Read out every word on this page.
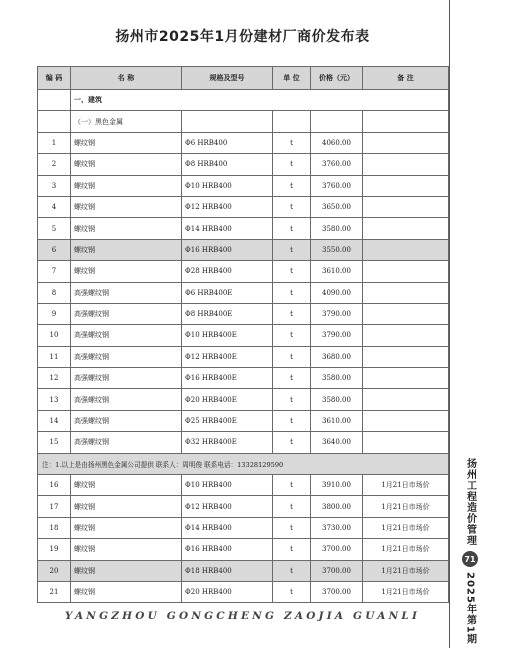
扬州市2025年1月份建材厂商价发布表
编 码	名 称	规格及型号	单 位	价格（元）	备 注
	一、建筑				
	（一）黑色金属				
1	螺纹钢	Φ6 HRB400	t	4060.00	
2	螺纹钢	Φ8 HRB400	t	3760.00	
3	螺纹钢	Φ10 HRB400	t	3760.00	
4	螺纹钢	Φ12 HRB400	t	3650.00	
5	螺纹钢	Φ14 HRB400	t	3580.00	
6	螺纹钢	Φ16 HRB400	t	3550.00	
7	螺纹钢	Φ28 HRB400	t	3610.00	
8	高强螺纹钢	Φ6 HRB400E	t	4090.00	
9	高强螺纹钢	Φ8 HRB400E	t	3790.00	
10	高强螺纹钢	Φ10 HRB400E	t	3790.00	
11	高强螺纹钢	Φ12 HRB400E	t	3680.00	
12	高强螺纹钢	Φ16 HRB400E	t	3580.00	
13	高强螺纹钢	Φ20 HRB400E	t	3580.00	
14	高强螺纹钢	Φ25 HRB400E	t	3610.00	
15	高强螺纹钢	Φ32 HRB400E	t	3640.00	
注：1.以上是由扬州黑色金属公司提供 联系人：周明俊 联系电话：13328129590					
16	螺纹钢	Φ10 HRB400	t	3910.00	1月21日市场价
17	螺纹钢	Φ12 HRB400	t	3800.00	1月21日市场价
18	螺纹钢	Φ14 HRB400	t	3730.00	1月21日市场价
19	螺纹钢	Φ16 HRB400	t	3700.00	1月21日市场价
20	螺纹钢	Φ18 HRB400	t	3700.00	1月21日市场价
21	螺纹钢	Φ20 HRB400	t	3700.00	1月21日市场价
YANGZHOU GONGCHENG ZAOJIA GUANLI
扬州工程造价管理
71
2025年第1期
